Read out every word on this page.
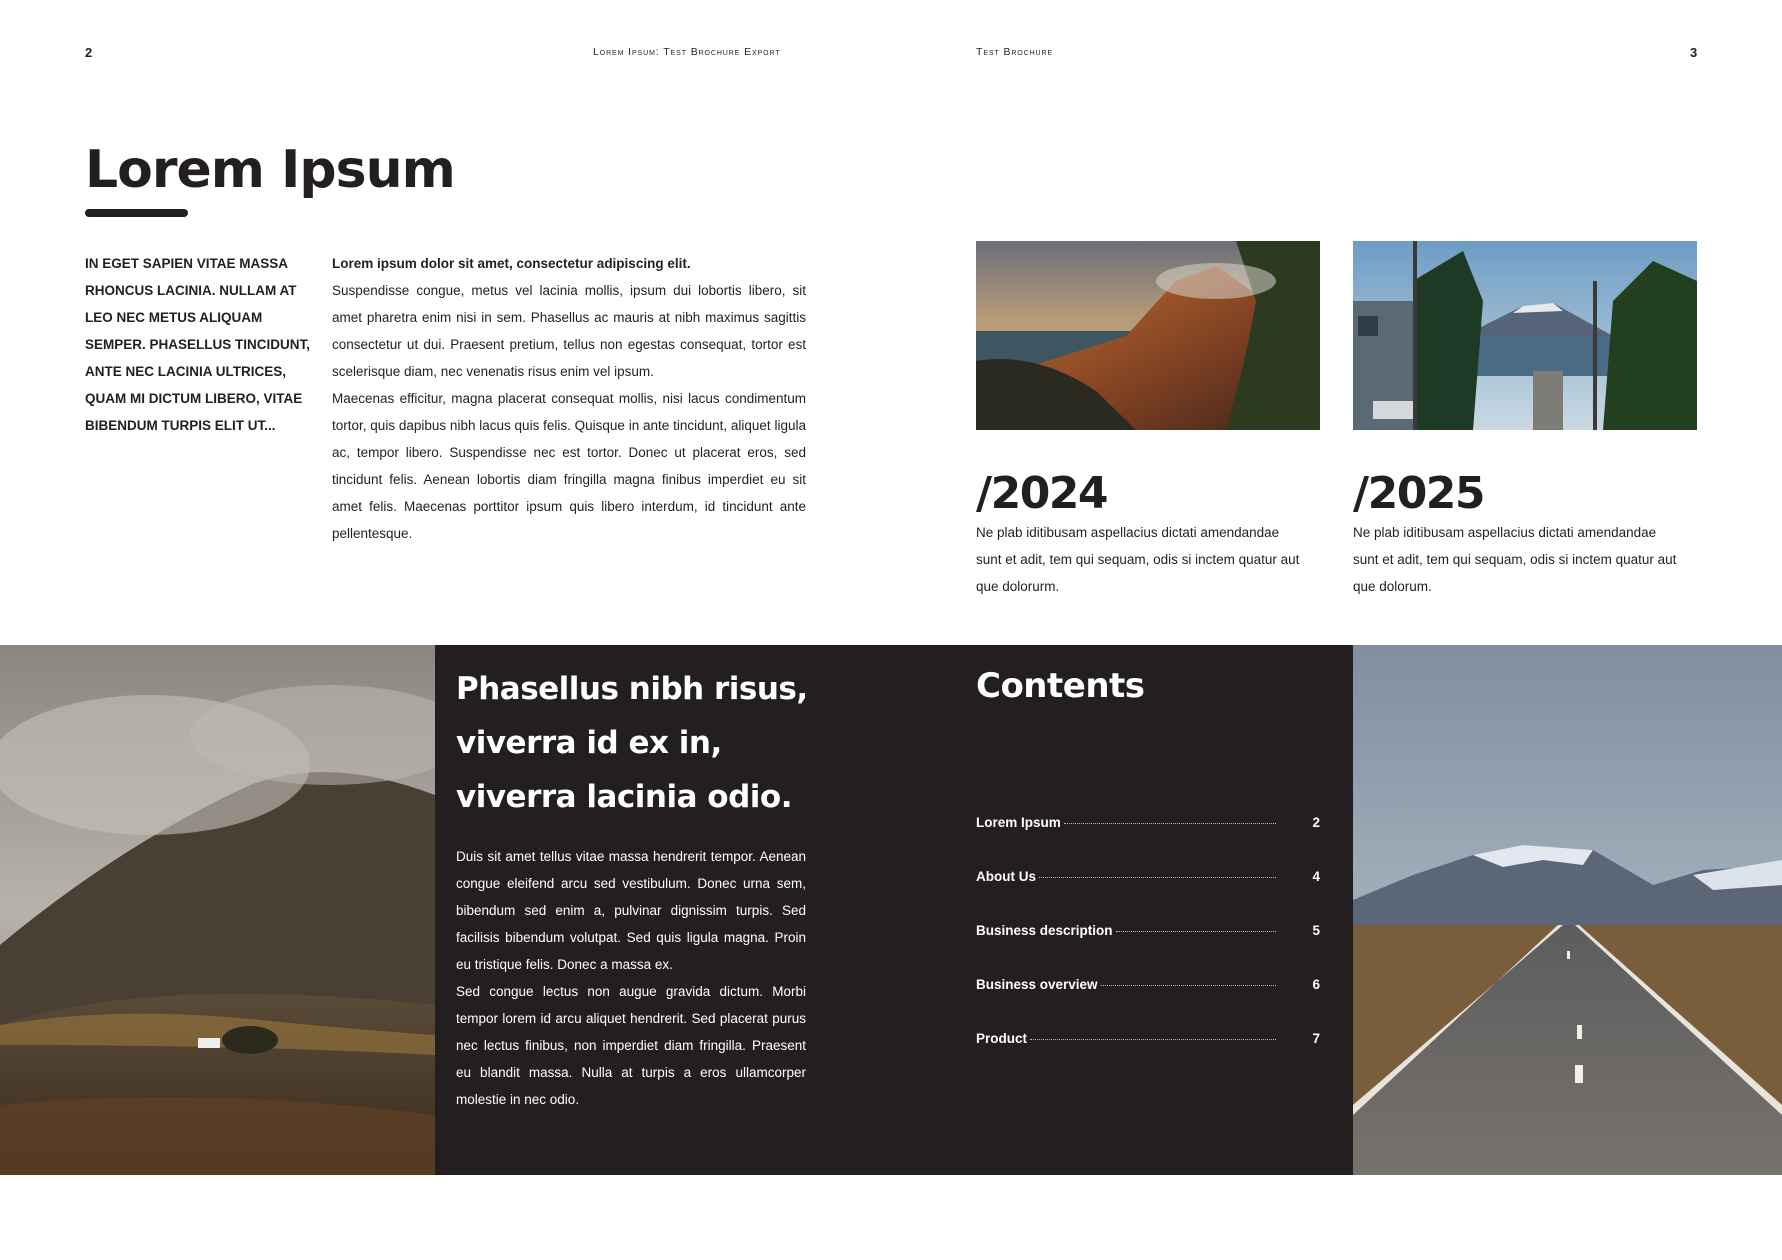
2	Lorem Ipsum: Test Brochure Export	Test Brochure	3
Lorem Ipsum
IN EGET SAPIEN VITAE MASSA RHONCUS LACINIA. NULLAM AT LEO NEC METUS ALIQUAM SEMPER. PHASELLUS TINCIDUNT, ANTE NEC LACINIA ULTRICES, QUAM MI DICTUM LIBERO, VITAE BIBENDUM TURPIS ELIT UT...

Lorem ipsum dolor sit amet, consectetur adipiscing elit.

Suspendisse congue, metus vel lacinia mollis, ipsum dui lobortis libero, sit amet pharetra enim nisi in sem. Phasellus ac mauris at nibh maximus sagittis consectetur ut dui. Praesent pretium, tellus non egestas consequat, tortor est scelerisque diam, nec venenatis risus enim vel ipsum.

Maecenas efficitur, magna placerat consequat mollis, nisi lacus condimentum tortor, quis dapibus nibh lacus quis felis. Quisque in ante tincidunt, aliquet ligula ac, tempor libero. Suspendisse nec est tortor. Donec ut placerat eros, sed tincidunt felis. Aenean lobortis diam fringilla magna finibus imperdiet eu sit amet felis. Maecenas porttitor ipsum quis libero interdum, id tincidunt ante pellentesque.

/2024
Ne plab iditibusam aspellacius dictati amendandae sunt et adit, tem qui sequam, odis si inctem quatur aut que dolorurm.
/2025
Ne plab iditibusam aspellacius dictati amendandae sunt et adit, tem qui sequam, odis si inctem quatur aut que dolorum.
Phasellus nibh risus, viverra id ex in, viverra lacinia odio.

Duis sit amet tellus vitae massa hendrerit tempor. Aenean congue eleifend arcu sed vestibulum. Donec urna sem, bibendum sed enim a, pulvinar dignissim turpis. Sed facilisis bibendum volutpat. Sed quis ligula magna. Proin eu tristique felis. Donec a massa ex.

Sed congue lectus non augue gravida dictum. Morbi tempor lorem id arcu aliquet hendrerit. Sed placerat purus nec lectus finibus, non imperdiet diam fringilla. Praesent eu blandit massa. Nulla at turpis a eros ullamcorper molestie in nec odio.

Contents
Lorem Ipsum	2
About Us	4
Business description	5
Business overview	6
Product	7
